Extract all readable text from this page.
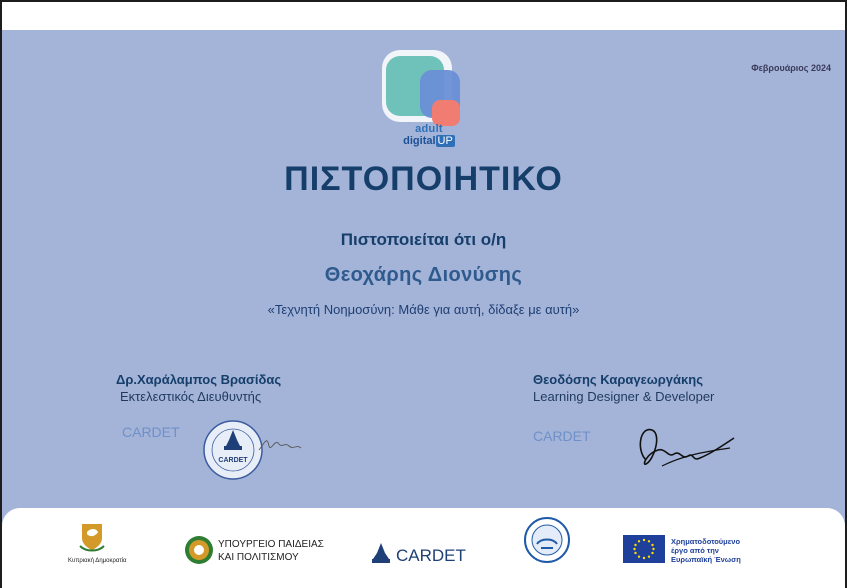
Φεβρουάριος 2024
adult
digital UP
ΠΙΣΤΟΠΟΙΗΤΙΚΟ
Πιστοποιείται ότι ο/η
Θεοχάρης Διονύσης
«Τεχνητή Νοημοσύνη: Μάθε για αυτή, δίδαξε με αυτή»
Δρ.Χαράλαμπος Βρασίδας
Εκτελεστικός Διευθυντής
CARDET
CARDET
Θεοδόσης Καραγεωργάκης
Learning Designer & Developer
CARDET
Κυπριακή Δημοκρατία
ΥΠΟΥΡΓΕΙΟ ΠΑΙΔΕΙΑΣ
ΚΑΙ ΠΟΛΙΤΙΣΜΟΥ	CARDET
Χρηματοδοτούμενο
έργο από την
Ευρωπαϊκή Ένωση
